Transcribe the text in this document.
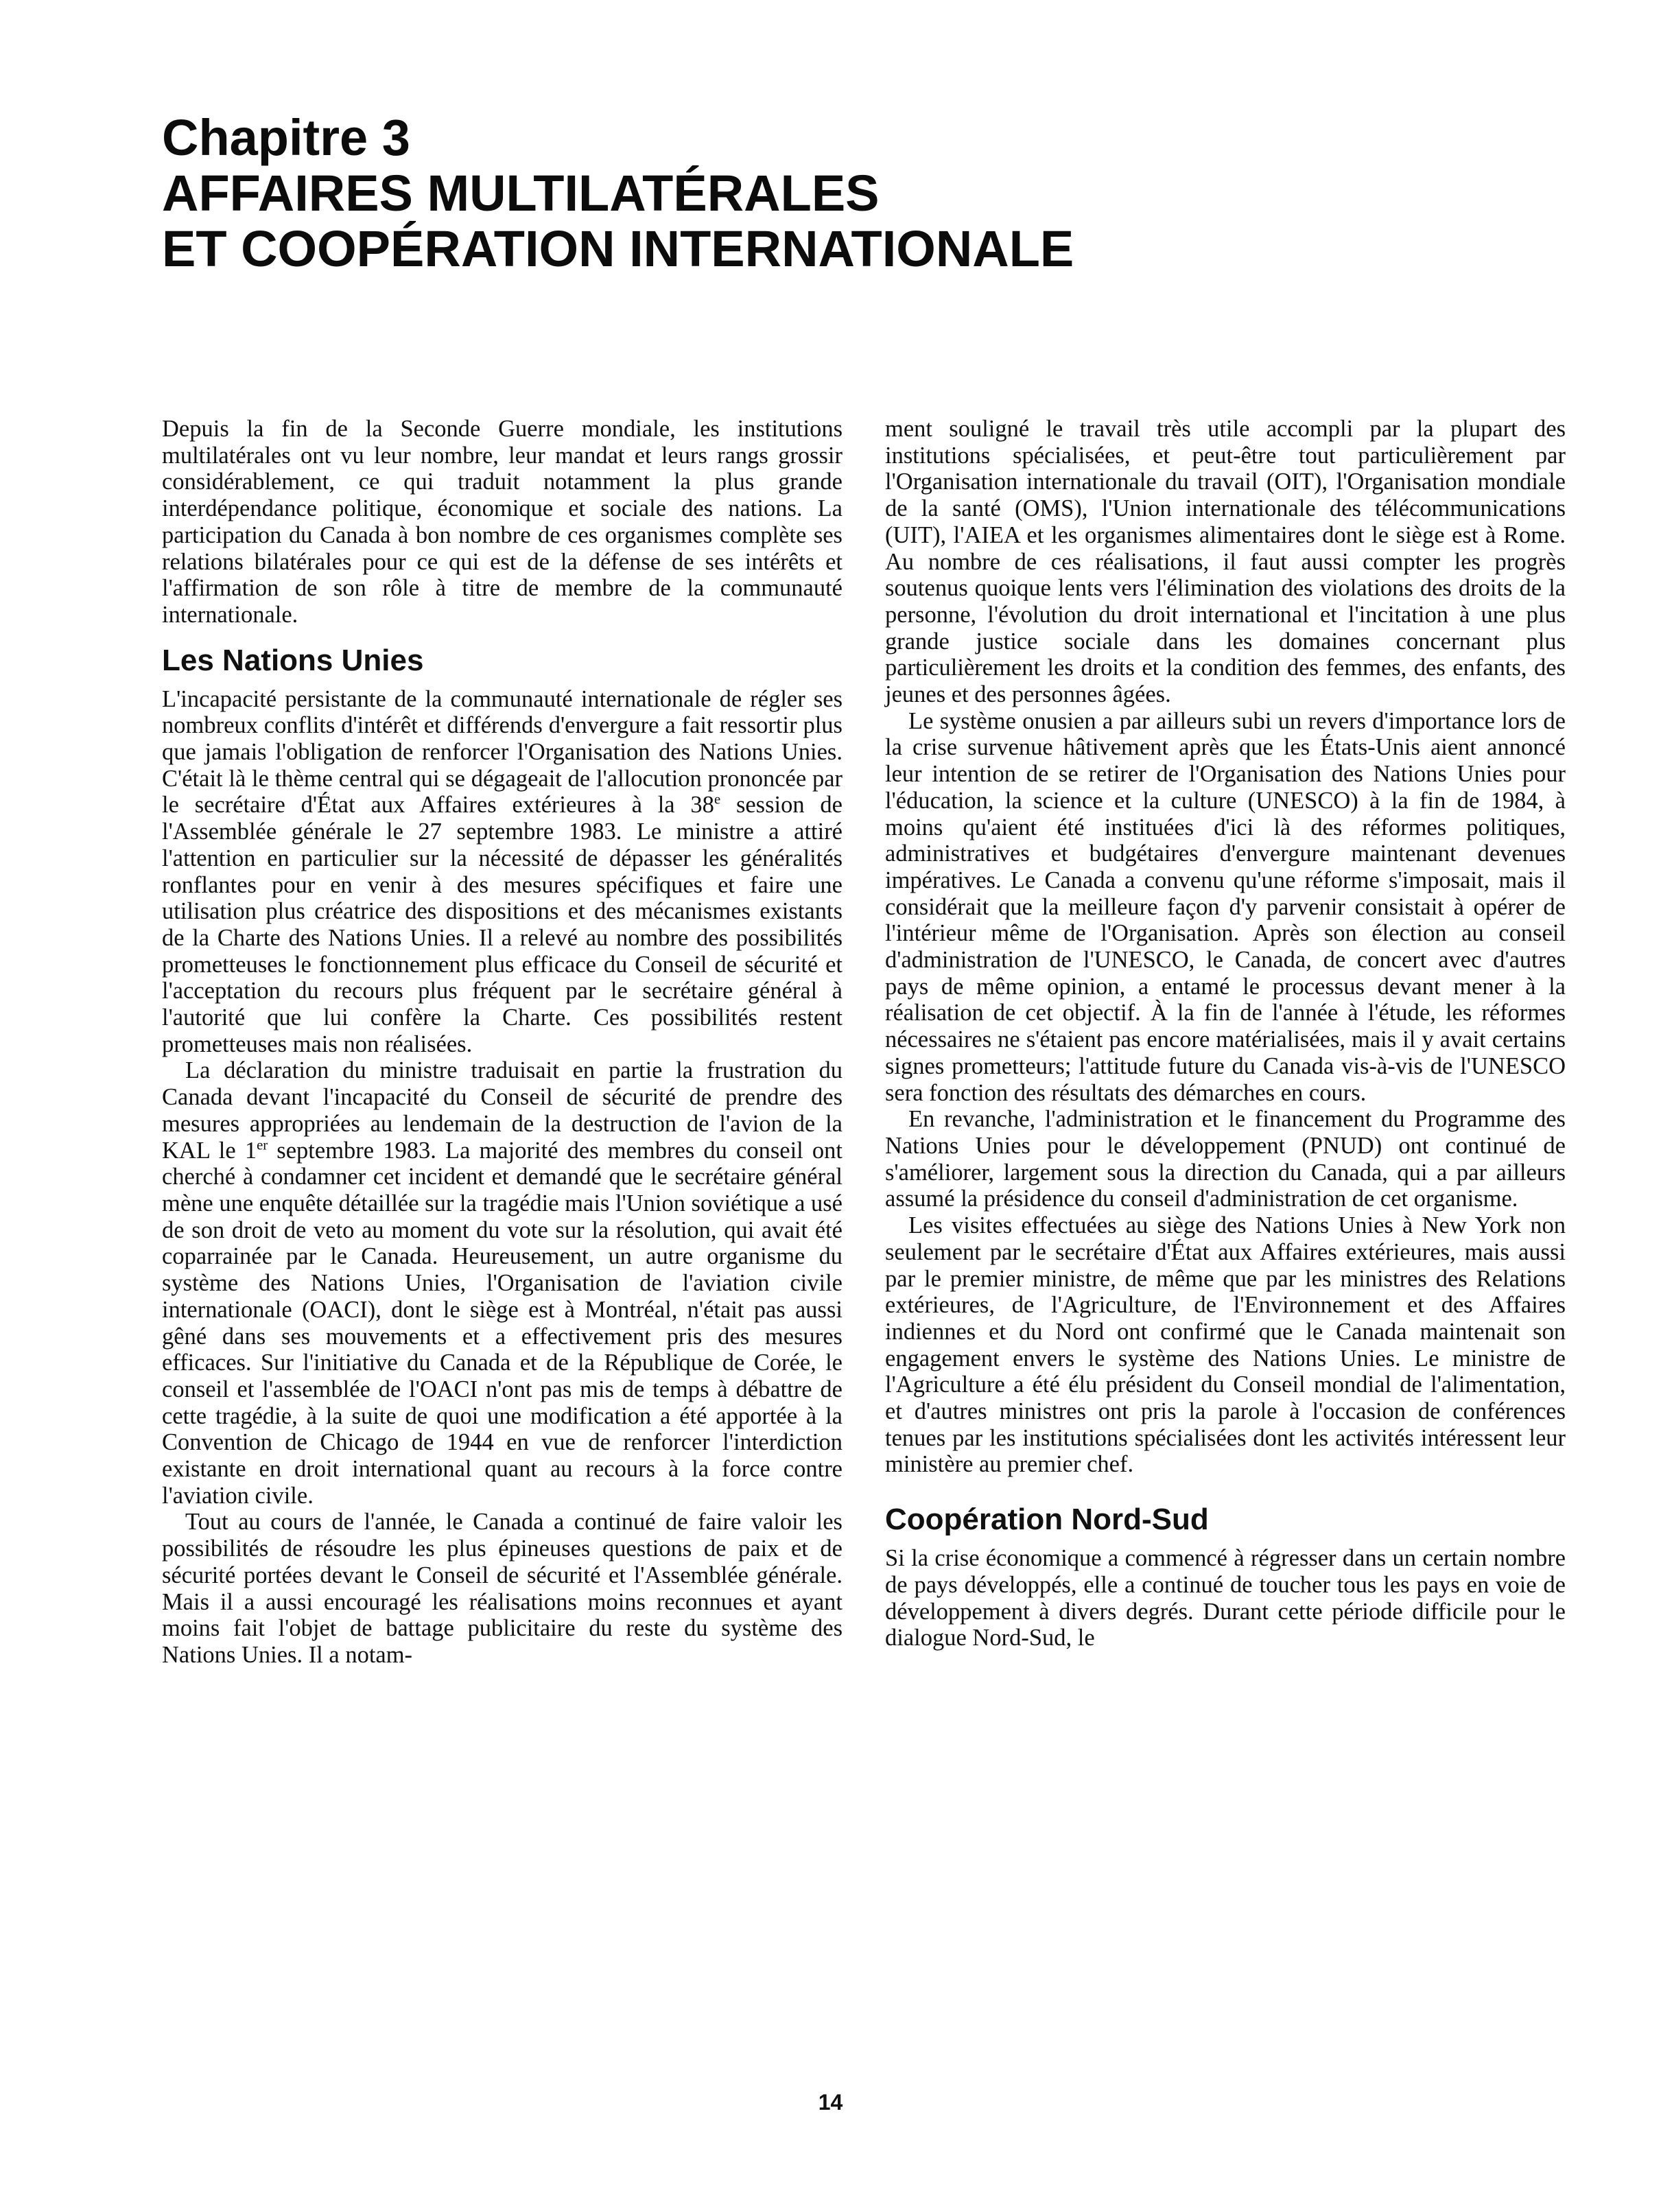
Chapitre 3
AFFAIRES MULTILATÉRALES
ET COOPÉRATION INTERNATIONALE

Depuis la fin de la Seconde Guerre mondiale, les institutions multilatérales ont vu leur nombre, leur mandat et leurs rangs grossir considérablement, ce qui traduit notamment la plus grande interdépendance politique, économique et sociale des nations. La participation du Canada à bon nombre de ces organismes complète ses relations bilatérales pour ce qui est de la défense de ses intérêts et l'affirmation de son rôle à titre de membre de la communauté internationale.

Les Nations Unies

L'incapacité persistante de la communauté internationale de régler ses nombreux conflits d'intérêt et différends d'envergure a fait ressortir plus que jamais l'obligation de renforcer l'Organisation des Nations Unies. C'était là le thème central qui se dégageait de l'allocution prononcée par le secrétaire d'État aux Affaires extérieures à la 38e session de l'Assemblée générale le 27 septembre 1983. Le ministre a attiré l'attention en particulier sur la nécessité de dépasser les généralités ronflantes pour en venir à des mesures spécifiques et faire une utilisation plus créatrice des dispositions et des mécanismes existants de la Charte des Nations Unies. Il a relevé au nombre des possibilités prometteuses le fonctionnement plus efficace du Conseil de sécurité et l'acceptation du recours plus fréquent par le secrétaire général à l'autorité que lui confère la Charte. Ces possibilités restent prometteuses mais non réalisées.

La déclaration du ministre traduisait en partie la frustration du Canada devant l'incapacité du Conseil de sécurité de prendre des mesures appropriées au lendemain de la destruction de l'avion de la KAL le 1er septembre 1983. La majorité des membres du conseil ont cherché à condamner cet incident et demandé que le secrétaire général mène une enquête détaillée sur la tragédie mais l'Union soviétique a usé de son droit de veto au moment du vote sur la résolution, qui avait été coparrainée par le Canada. Heureusement, un autre organisme du système des Nations Unies, l'Organisation de l'aviation civile internationale (OACI), dont le siège est à Montréal, n'était pas aussi gêné dans ses mouvements et a effectivement pris des mesures efficaces. Sur l'initiative du Canada et de la République de Corée, le conseil et l'assemblée de l'OACI n'ont pas mis de temps à débattre de cette tragédie, à la suite de quoi une modification a été apportée à la Convention de Chicago de 1944 en vue de renforcer l'interdiction existante en droit international quant au recours à la force contre l'aviation civile.

Tout au cours de l'année, le Canada a continué de faire valoir les possibilités de résoudre les plus épineuses questions de paix et de sécurité portées devant le Conseil de sécurité et l'Assemblée générale. Mais il a aussi encouragé les réalisations moins reconnues et ayant moins fait l'objet de battage publicitaire du reste du système des Nations Unies. Il a notam-

ment souligné le travail très utile accompli par la plupart des institutions spécialisées, et peut-être tout particulièrement par l'Organisation internationale du travail (OIT), l'Organisation mondiale de la santé (OMS), l'Union internationale des télécommunications (UIT), l'AIEA et les organismes alimentaires dont le siège est à Rome. Au nombre de ces réalisations, il faut aussi compter les progrès soutenus quoique lents vers l'élimination des violations des droits de la personne, l'évolution du droit international et l'incitation à une plus grande justice sociale dans les domaines concernant plus particulièrement les droits et la condition des femmes, des enfants, des jeunes et des personnes âgées.

Le système onusien a par ailleurs subi un revers d'importance lors de la crise survenue hâtivement après que les États-Unis aient annoncé leur intention de se retirer de l'Organisation des Nations Unies pour l'éducation, la science et la culture (UNESCO) à la fin de 1984, à moins qu'aient été instituées d'ici là des réformes politiques, administratives et budgétaires d'envergure maintenant devenues impératives. Le Canada a convenu qu'une réforme s'imposait, mais il considérait que la meilleure façon d'y parvenir consistait à opérer de l'intérieur même de l'Organisation. Après son élection au conseil d'administration de l'UNESCO, le Canada, de concert avec d'autres pays de même opinion, a entamé le processus devant mener à la réalisation de cet objectif. À la fin de l'année à l'étude, les réformes nécessaires ne s'étaient pas encore matérialisées, mais il y avait certains signes prometteurs; l'attitude future du Canada vis-à-vis de l'UNESCO sera fonction des résultats des démarches en cours.

En revanche, l'administration et le financement du Programme des Nations Unies pour le développement (PNUD) ont continué de s'améliorer, largement sous la direction du Canada, qui a par ailleurs assumé la présidence du conseil d'administration de cet organisme.

Les visites effectuées au siège des Nations Unies à New York non seulement par le secrétaire d'État aux Affaires extérieures, mais aussi par le premier ministre, de même que par les ministres des Relations extérieures, de l'Agriculture, de l'Environnement et des Affaires indiennes et du Nord ont confirmé que le Canada maintenait son engagement envers le système des Nations Unies. Le ministre de l'Agriculture a été élu président du Conseil mondial de l'alimentation, et d'autres ministres ont pris la parole à l'occasion de conférences tenues par les institutions spécialisées dont les activités intéressent leur ministère au premier chef.

Coopération Nord-Sud

Si la crise économique a commencé à régresser dans un certain nombre de pays développés, elle a continué de toucher tous les pays en voie de développement à divers degrés. Durant cette période difficile pour le dialogue Nord-Sud, le

14
